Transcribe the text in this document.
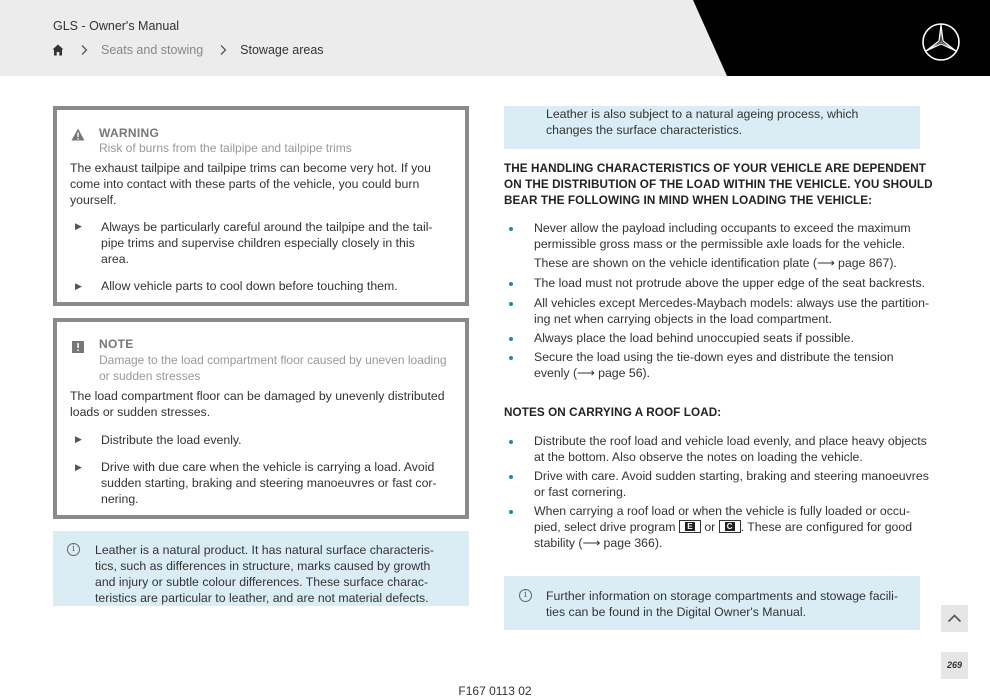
GLS - Owner's Manual
Seats and stowing	Stowage areas
WARNING
Risk of burns from the tailpipe and tailpipe trims
The exhaust tailpipe and tailpipe trims can become very hot. If you
come into contact with these parts of the vehicle, you could burn
yourself.
▶ Always be particularly careful around the tailpipe and the tail-
pipe trims and supervise children especially closely in this
area.
▶ Allow vehicle parts to cool down before touching them.
NOTE
Damage to the load compartment floor caused by uneven loading
or sudden stresses
The load compartment floor can be damaged by unevenly distributed
loads or sudden stresses.
▶ Distribute the load evenly.
▶ Drive with due care when the vehicle is carrying a load. Avoid
sudden starting, braking and steering manoeuvres or fast cor-
nering.
i	Leather is a natural product. It has natural surface characteris-
tics, such as differences in structure, marks caused by growth
and injury or subtle colour differences. These surface charac-
teristics are particular to leather, and are not material defects.
Leather is also subject to a natural ageing process, which
changes the surface characteristics.
THE HANDLING CHARACTERISTICS OF YOUR VEHICLE ARE DEPENDENT
ON THE DISTRIBUTION OF THE LOAD WITHIN THE VEHICLE. YOU SHOULD
BEAR THE FOLLOWING IN MIND WHEN LOADING THE VEHICLE:
Never allow the payload including occupants to exceed the maximum
permissible gross mass or the permissible axle loads for the vehicle.
These are shown on the vehicle identification plate (⟶ page 867).
The load must not protrude above the upper edge of the seat backrests.
All vehicles except Mercedes-Maybach models: always use the partition-
ing net when carrying objects in the load compartment.
Always place the load behind unoccupied seats if possible.
Secure the load using the tie-down eyes and distribute the tension
evenly (⟶ page 56).
NOTES ON CARRYING A ROOF LOAD:
Distribute the roof load and vehicle load evenly, and place heavy objects
at the bottom. Also observe the notes on loading the vehicle.
Drive with care. Avoid sudden starting, braking and steering manoeuvres
or fast cornering.
When carrying a roof load or when the vehicle is fully loaded or occu-
pied, select drive program E or C . These are configured for good
stability (⟶ page 366).
i	Further information on storage compartments and stowage facili-
ties can be found in the Digital Owner's Manual.
269
F167 0113 02
